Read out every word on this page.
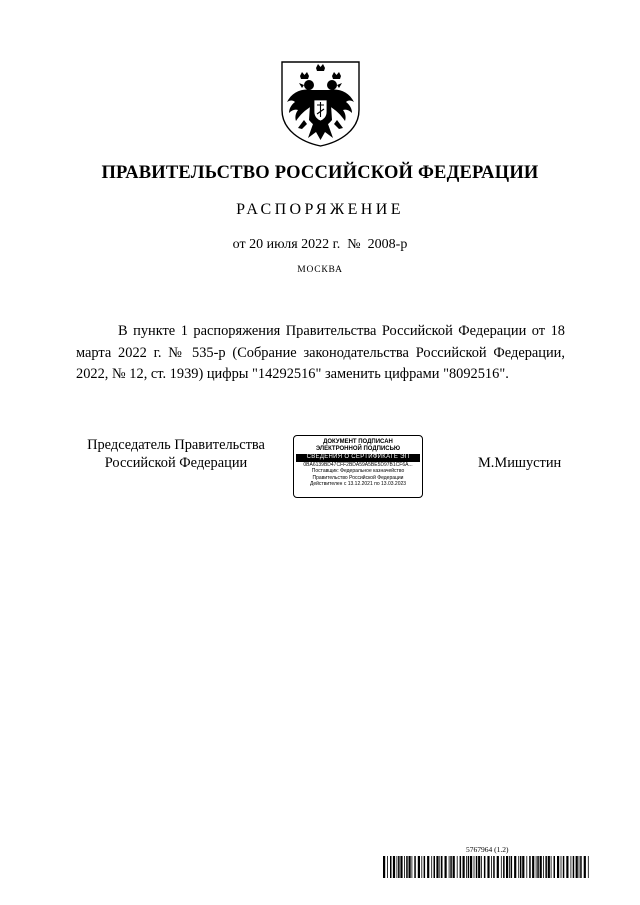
ПРАВИТЕЛЬСТВО РОССИЙСКОЙ ФЕДЕРАЦИИ
РАСПОРЯЖЕНИЕ
от 20 июля 2022 г.  №  2008-р
МОСКВА
В пункте 1 распоряжения Правительства Российской Федерации от 18 марта 2022 г. № 535-р (Собрание законодательства Российской Федерации, 2022, № 12, ст. 1939) цифры "14292516" заменить цифрами "8092516".
Председатель Правительства
Российской Федерации
ДОКУМЕНТ ПОДПИСАН
ЭЛЕКТРОННОЙ ПОДПИСЬЮ
СВЕДЕНИЯ О СЕРТИФИКАТЕ ЭП
0BA6139BD47CFF2BDA59A5BE5D97B1CF6A...
Поставщик: Федеральное казначейство
Правительство Российской Федерации
Действителен с 13.12.2021 по 13.03.2023
М.Мишустин
5767964 (1.2)
